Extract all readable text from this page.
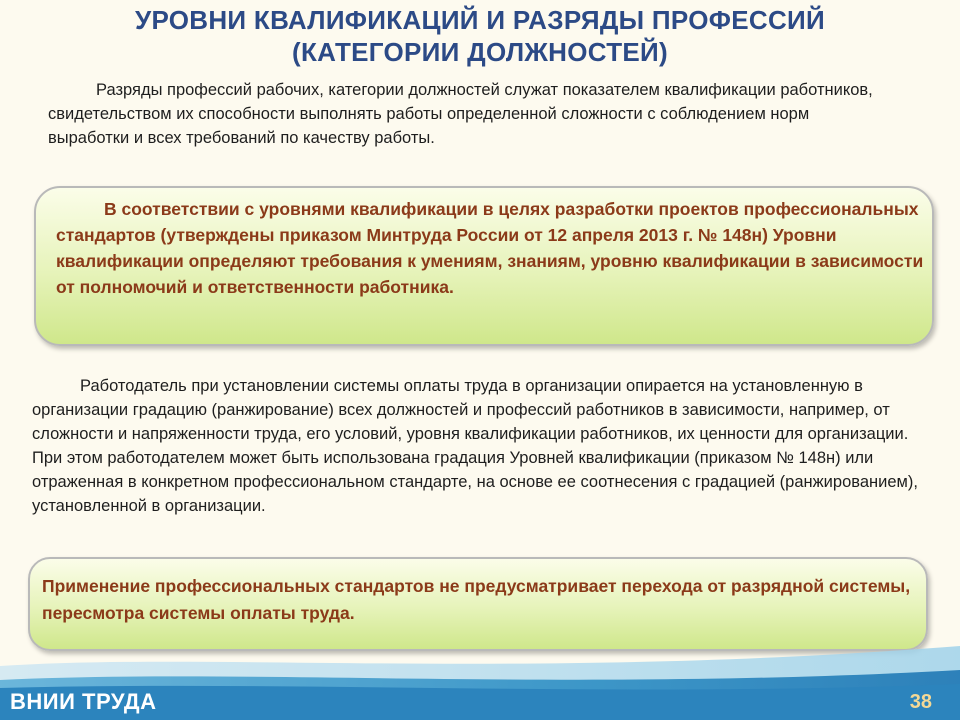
УРОВНИ КВАЛИФИКАЦИЙ И РАЗРЯДЫ ПРОФЕССИЙ
(КАТЕГОРИИ ДОЛЖНОСТЕЙ)

Разряды профессий рабочих, категории должностей служат показателем квалификации работников, свидетельством их способности выполнять работы определенной сложности с соблюдением норм выработки и всех требований по качеству работы.

В соответствии с уровнями квалификации в целях разработки проектов профессиональных стандартов (утверждены приказом Минтруда России от 12 апреля 2013 г. № 148н) Уровни квалификации определяют требования к умениям, знаниям, уровню квалификации в зависимости от полномочий и ответственности работника.

Работодатель при установлении системы оплаты труда в организации опирается на установленную в организации градацию (ранжирование) всех должностей и профессий работников в зависимости, например, от сложности и напряженности труда, его условий, уровня квалификации работников, их ценности для организации. При этом работодателем может быть использована градация Уровней квалификации (приказом № 148н) или отраженная в конкретном профессиональном стандарте, на основе ее соотнесения с градацией (ранжированием), установленной в организации.

Применение профессиональных стандартов не предусматривает перехода от разрядной системы, пересмотра системы оплаты труда.

ВНИИ ТРУДА	38
